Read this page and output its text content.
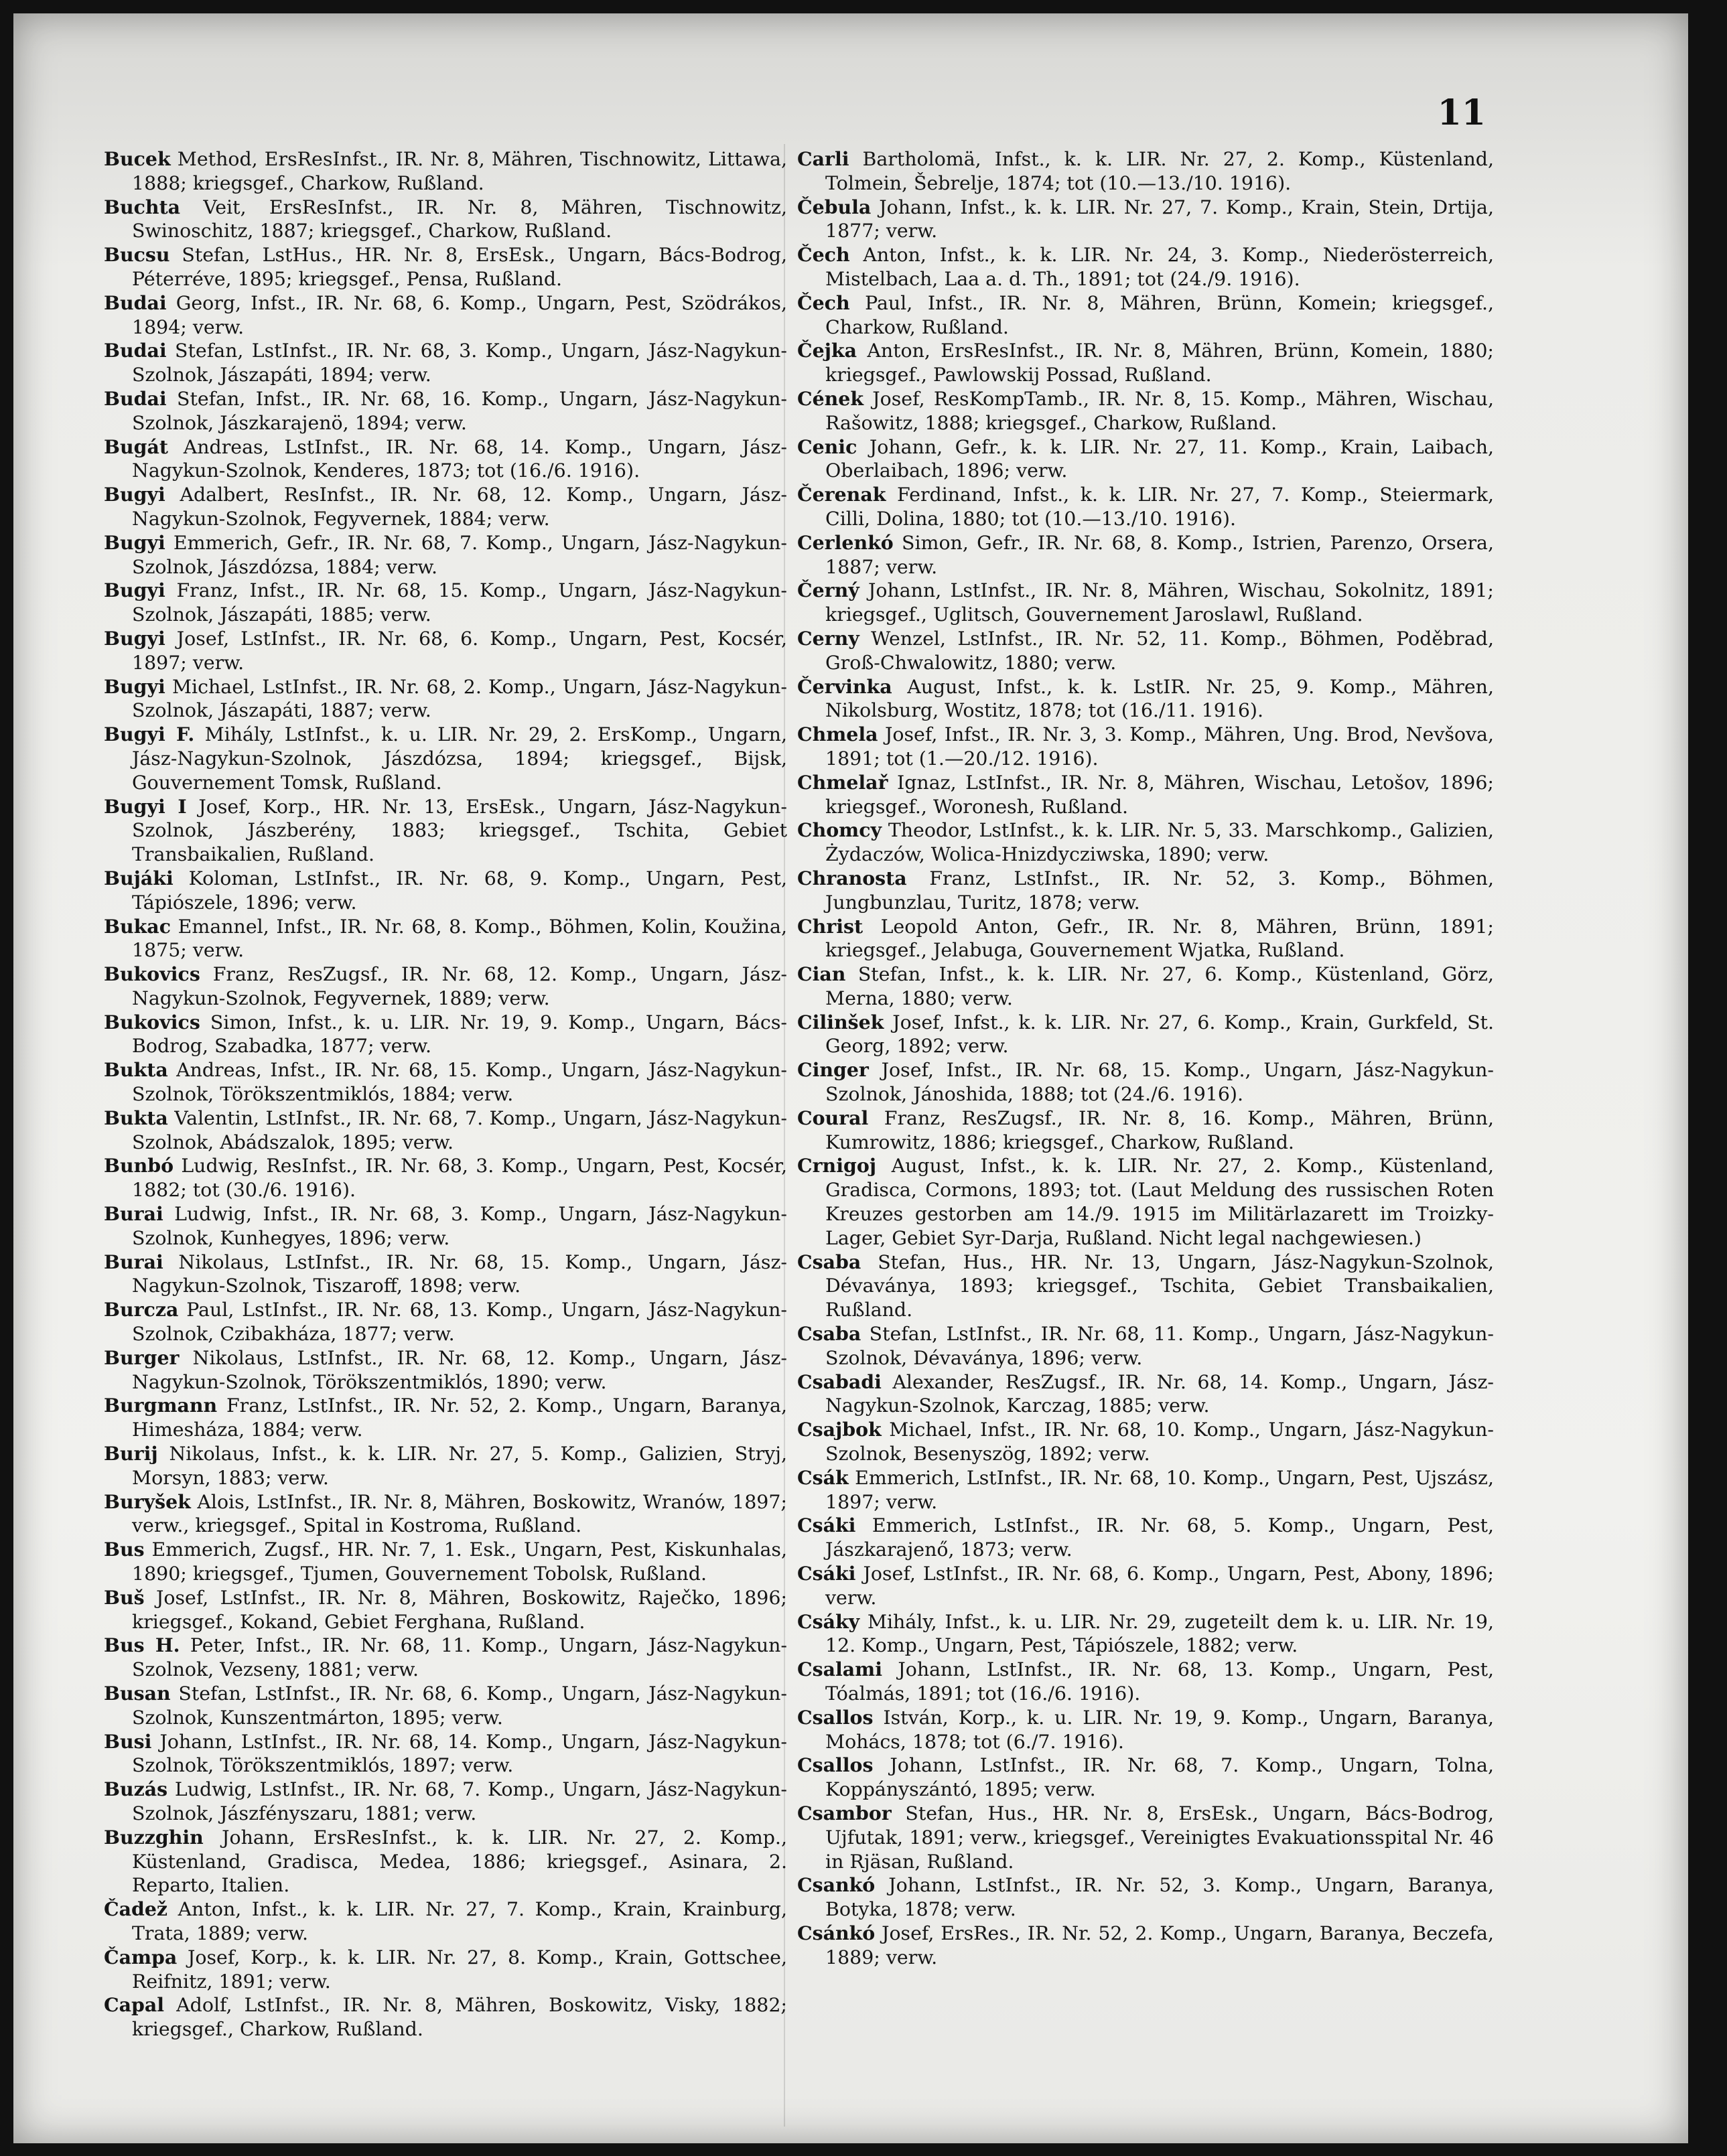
11

Bucek Method, ErsResInfst., IR. Nr. 8, Mähren, Tischnowitz, Littawa, 1888; kriegsgef., Charkow, Rußland.

Buchta Veit, ErsResInfst., IR. Nr. 8, Mähren, Tischnowitz, Swinoschitz, 1887; kriegsgef., Charkow, Rußland.

Bucsu Stefan, LstHus., HR. Nr. 8, ErsEsk., Ungarn, Bács-Bodrog, Péterréve, 1895; kriegsgef., Pensa, Rußland.

Budai Georg, Infst., IR. Nr. 68, 6. Komp., Ungarn, Pest, Szödrákos, 1894; verw.

Budai Stefan, LstInfst., IR. Nr. 68, 3. Komp., Ungarn, Jász-Nagykun-Szolnok, Jászapáti, 1894; verw.

Budai Stefan, Infst., IR. Nr. 68, 16. Komp., Ungarn, Jász-Nagykun-Szolnok, Jászkarajenö, 1894; verw.

Bugát Andreas, LstInfst., IR. Nr. 68, 14. Komp., Ungarn, Jász-Nagykun-Szolnok, Kenderes, 1873; tot (16./6. 1916).

Bugyi Adalbert, ResInfst., IR. Nr. 68, 12. Komp., Ungarn, Jász-Nagykun-Szolnok, Fegyvernek, 1884; verw.

Bugyi Emmerich, Gefr., IR. Nr. 68, 7. Komp., Ungarn, Jász-Nagykun-Szolnok, Jászdózsa, 1884; verw.

Bugyi Franz, Infst., IR. Nr. 68, 15. Komp., Ungarn, Jász-Nagykun-Szolnok, Jászapáti, 1885; verw.

Bugyi Josef, LstInfst., IR. Nr. 68, 6. Komp., Ungarn, Pest, Kocsér, 1897; verw.

Bugyi Michael, LstInfst., IR. Nr. 68, 2. Komp., Ungarn, Jász-Nagykun-Szolnok, Jászapáti, 1887; verw.

Bugyi F. Mihály, LstInfst., k. u. LIR. Nr. 29, 2. ErsKomp., Ungarn, Jász-Nagykun-Szolnok, Jászdózsa, 1894; kriegsgef., Bijsk, Gouvernement Tomsk, Rußland.

Bugyi I Josef, Korp., HR. Nr. 13, ErsEsk., Ungarn, Jász-Nagykun-Szolnok, Jászberény, 1883; kriegsgef., Tschita, Gebiet Transbaikalien, Rußland.

Bujáki Koloman, LstInfst., IR. Nr. 68, 9. Komp., Ungarn, Pest, Tápiószele, 1896; verw.

Bukac Emannel, Infst., IR. Nr. 68, 8. Komp., Böhmen, Kolin, Koužina, 1875; verw.

Bukovics Franz, ResZugsf., IR. Nr. 68, 12. Komp., Ungarn, Jász-Nagykun-Szolnok, Fegyvernek, 1889; verw.

Bukovics Simon, Infst., k. u. LIR. Nr. 19, 9. Komp., Ungarn, Bács-Bodrog, Szabadka, 1877; verw.

Bukta Andreas, Infst., IR. Nr. 68, 15. Komp., Ungarn, Jász-Nagykun-Szolnok, Törökszentmiklós, 1884; verw.

Bukta Valentin, LstInfst., IR. Nr. 68, 7. Komp., Ungarn, Jász-Nagykun-Szolnok, Abádszalok, 1895; verw.

Bunbó Ludwig, ResInfst., IR. Nr. 68, 3. Komp., Ungarn, Pest, Kocsér, 1882; tot (30./6. 1916).

Burai Ludwig, Infst., IR. Nr. 68, 3. Komp., Ungarn, Jász-Nagykun-Szolnok, Kunhegyes, 1896; verw.

Burai Nikolaus, LstInfst., IR. Nr. 68, 15. Komp., Ungarn, Jász-Nagykun-Szolnok, Tiszaroff, 1898; verw.

Burcza Paul, LstInfst., IR. Nr. 68, 13. Komp., Ungarn, Jász-Nagykun-Szolnok, Czibakháza, 1877; verw.

Burger Nikolaus, LstInfst., IR. Nr. 68, 12. Komp., Ungarn, Jász-Nagykun-Szolnok, Törökszentmiklós, 1890; verw.

Burgmann Franz, LstInfst., IR. Nr. 52, 2. Komp., Ungarn, Baranya, Himesháza, 1884; verw.

Burij Nikolaus, Infst., k. k. LIR. Nr. 27, 5. Komp., Galizien, Stryj, Morsyn, 1883; verw.

Buryšek Alois, LstInfst., IR. Nr. 8, Mähren, Boskowitz, Wranów, 1897; verw., kriegsgef., Spital in Kostroma, Rußland.

Bus Emmerich, Zugsf., HR. Nr. 7, 1. Esk., Ungarn, Pest, Kiskunhalas, 1890; kriegsgef., Tjumen, Gouvernement Tobolsk, Rußland.

Buš Josef, LstInfst., IR. Nr. 8, Mähren, Boskowitz, Raječko, 1896; kriegsgef., Kokand, Gebiet Ferghana, Rußland.

Bus H. Peter, Infst., IR. Nr. 68, 11. Komp., Ungarn, Jász-Nagykun-Szolnok, Vezseny, 1881; verw.

Busan Stefan, LstInfst., IR. Nr. 68, 6. Komp., Ungarn, Jász-Nagykun-Szolnok, Kunszentmárton, 1895; verw.

Busi Johann, LstInfst., IR. Nr. 68, 14. Komp., Ungarn, Jász-Nagykun-Szolnok, Törökszentmiklós, 1897; verw.

Buzás Ludwig, LstInfst., IR. Nr. 68, 7. Komp., Ungarn, Jász-Nagykun-Szolnok, Jászfényszaru, 1881; verw.

Buzzghin Johann, ErsResInfst., k. k. LIR. Nr. 27, 2. Komp., Küstenland, Gradisca, Medea, 1886; kriegsgef., Asinara, 2. Reparto, Italien.

Čadež Anton, Infst., k. k. LIR. Nr. 27, 7. Komp., Krain, Krainburg, Trata, 1889; verw.

Čampa Josef, Korp., k. k. LIR. Nr. 27, 8. Komp., Krain, Gottschee, Reifnitz, 1891; verw.

Capal Adolf, LstInfst., IR. Nr. 8, Mähren, Boskowitz, Visky, 1882; kriegsgef., Charkow, Rußland.

Carli Bartholomä, Infst., k. k. LIR. Nr. 27, 2. Komp., Küstenland, Tolmein, Šebrelje, 1874; tot (10.—13./10. 1916).

Čebula Johann, Infst., k. k. LIR. Nr. 27, 7. Komp., Krain, Stein, Drtija, 1877; verw.

Čech Anton, Infst., k. k. LIR. Nr. 24, 3. Komp., Niederösterreich, Mistelbach, Laa a. d. Th., 1891; tot (24./9. 1916).

Čech Paul, Infst., IR. Nr. 8, Mähren, Brünn, Komein; kriegsgef., Charkow, Rußland.

Čejka Anton, ErsResInfst., IR. Nr. 8, Mähren, Brünn, Komein, 1880; kriegsgef., Pawlowskij Possad, Rußland.

Cének Josef, ResKompTamb., IR. Nr. 8, 15. Komp., Mähren, Wischau, Rašowitz, 1888; kriegsgef., Charkow, Rußland.

Cenic Johann, Gefr., k. k. LIR. Nr. 27, 11. Komp., Krain, Laibach, Oberlaibach, 1896; verw.

Čerenak Ferdinand, Infst., k. k. LIR. Nr. 27, 7. Komp., Steiermark, Cilli, Dolina, 1880; tot (10.—13./10. 1916).

Cerlenkó Simon, Gefr., IR. Nr. 68, 8. Komp., Istrien, Parenzo, Orsera, 1887; verw.

Černý Johann, LstInfst., IR. Nr. 8, Mähren, Wischau, Sokolnitz, 1891; kriegsgef., Uglitsch, Gouvernement Jaroslawl, Rußland.

Cerny Wenzel, LstInfst., IR. Nr. 52, 11. Komp., Böhmen, Poděbrad, Groß-Chwalowitz, 1880; verw.

Červinka August, Infst., k. k. LstIR. Nr. 25, 9. Komp., Mähren, Nikolsburg, Wostitz, 1878; tot (16./11. 1916).

Chmela Josef, Infst., IR. Nr. 3, 3. Komp., Mähren, Ung. Brod, Nevšova, 1891; tot (1.—20./12. 1916).

Chmelař Ignaz, LstInfst., IR. Nr. 8, Mähren, Wischau, Letošov, 1896; kriegsgef., Woronesh, Rußland.

Chomcy Theodor, LstInfst., k. k. LIR. Nr. 5, 33. Marschkomp., Galizien, Żydaczów, Wolica-Hnizdycziwska, 1890; verw.

Chranosta Franz, LstInfst., IR. Nr. 52, 3. Komp., Böhmen, Jungbunzlau, Turitz, 1878; verw.

Christ Leopold Anton, Gefr., IR. Nr. 8, Mähren, Brünn, 1891; kriegsgef., Jelabuga, Gouvernement Wjatka, Rußland.

Cian Stefan, Infst., k. k. LIR. Nr. 27, 6. Komp., Küstenland, Görz, Merna, 1880; verw.

Cilinšek Josef, Infst., k. k. LIR. Nr. 27, 6. Komp., Krain, Gurkfeld, St. Georg, 1892; verw.

Cinger Josef, Infst., IR. Nr. 68, 15. Komp., Ungarn, Jász-Nagykun-Szolnok, Jánoshida, 1888; tot (24./6. 1916).

Coural Franz, ResZugsf., IR. Nr. 8, 16. Komp., Mähren, Brünn, Kumrowitz, 1886; kriegsgef., Charkow, Rußland.

Crnigoj August, Infst., k. k. LIR. Nr. 27, 2. Komp., Küstenland, Gradisca, Cormons, 1893; tot. (Laut Meldung des russischen Roten Kreuzes gestorben am 14./9. 1915 im Militärlazarett im Troizky-Lager, Gebiet Syr-Darja, Rußland. Nicht legal nachgewiesen.)

Csaba Stefan, Hus., HR. Nr. 13, Ungarn, Jász-Nagykun-Szolnok, Dévaványa, 1893; kriegsgef., Tschita, Gebiet Transbaikalien, Rußland.

Csaba Stefan, LstInfst., IR. Nr. 68, 11. Komp., Ungarn, Jász-Nagykun-Szolnok, Dévaványa, 1896; verw.

Csabadi Alexander, ResZugsf., IR. Nr. 68, 14. Komp., Ungarn, Jász-Nagykun-Szolnok, Karczag, 1885; verw.

Csajbok Michael, Infst., IR. Nr. 68, 10. Komp., Ungarn, Jász-Nagykun-Szolnok, Besenyszög, 1892; verw.

Csák Emmerich, LstInfst., IR. Nr. 68, 10. Komp., Ungarn, Pest, Ujszász, 1897; verw.

Csáki Emmerich, LstInfst., IR. Nr. 68, 5. Komp., Ungarn, Pest, Jászkarajenő, 1873; verw.

Csáki Josef, LstInfst., IR. Nr. 68, 6. Komp., Ungarn, Pest, Abony, 1896; verw.

Csáky Mihály, Infst., k. u. LIR. Nr. 29, zugeteilt dem k. u. LIR. Nr. 19, 12. Komp., Ungarn, Pest, Tápiószele, 1882; verw.

Csalami Johann, LstInfst., IR. Nr. 68, 13. Komp., Ungarn, Pest, Tóalmás, 1891; tot (16./6. 1916).

Csallos István, Korp., k. u. LIR. Nr. 19, 9. Komp., Ungarn, Baranya, Mohács, 1878; tot (6./7. 1916).

Csallos Johann, LstInfst., IR. Nr. 68, 7. Komp., Ungarn, Tolna, Koppányszántó, 1895; verw.

Csambor Stefan, Hus., HR. Nr. 8, ErsEsk., Ungarn, Bács-Bodrog, Ujfutak, 1891; verw., kriegsgef., Vereinigtes Evakuationsspital Nr. 46 in Rjäsan, Rußland.

Csankó Johann, LstInfst., IR. Nr. 52, 3. Komp., Ungarn, Baranya, Botyka, 1878; verw.

Csánkó Josef, ErsRes., IR. Nr. 52, 2. Komp., Ungarn, Baranya, Beczefa, 1889; verw.
